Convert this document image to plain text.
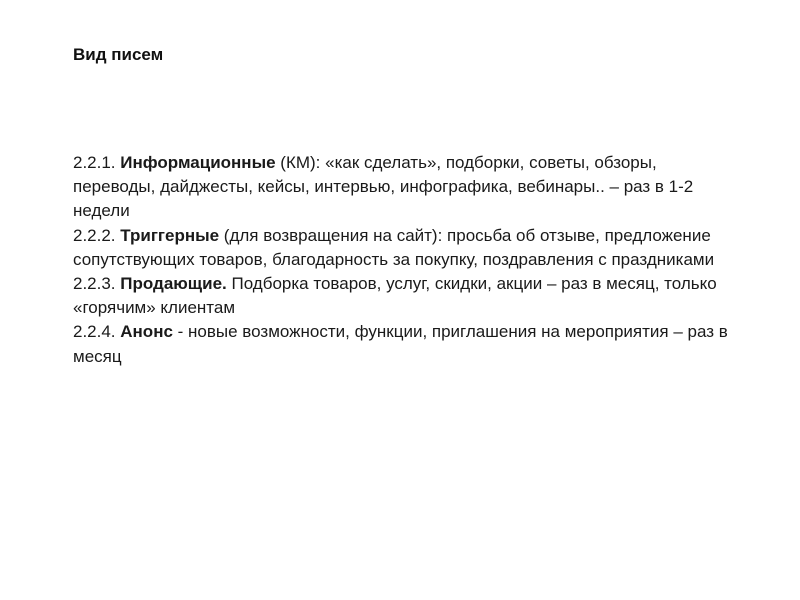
Вид писем

2.2.1. Информационные (КМ): «как сделать», подборки, советы, обзоры, переводы, дайджесты, кейсы, интервью, инфографика, вебинары.. – раз в 1-2 недели

2.2.2. Триггерные (для возвращения на сайт): просьба об отзыве, предложение сопутствующих товаров, благодарность за покупку, поздравления с праздниками

2.2.3. Продающие. Подборка товаров, услуг, скидки, акции – раз в месяц, только «горячим» клиентам

2.2.4. Анонс - новые возможности, функции, приглашения на мероприятия – раз в месяц
